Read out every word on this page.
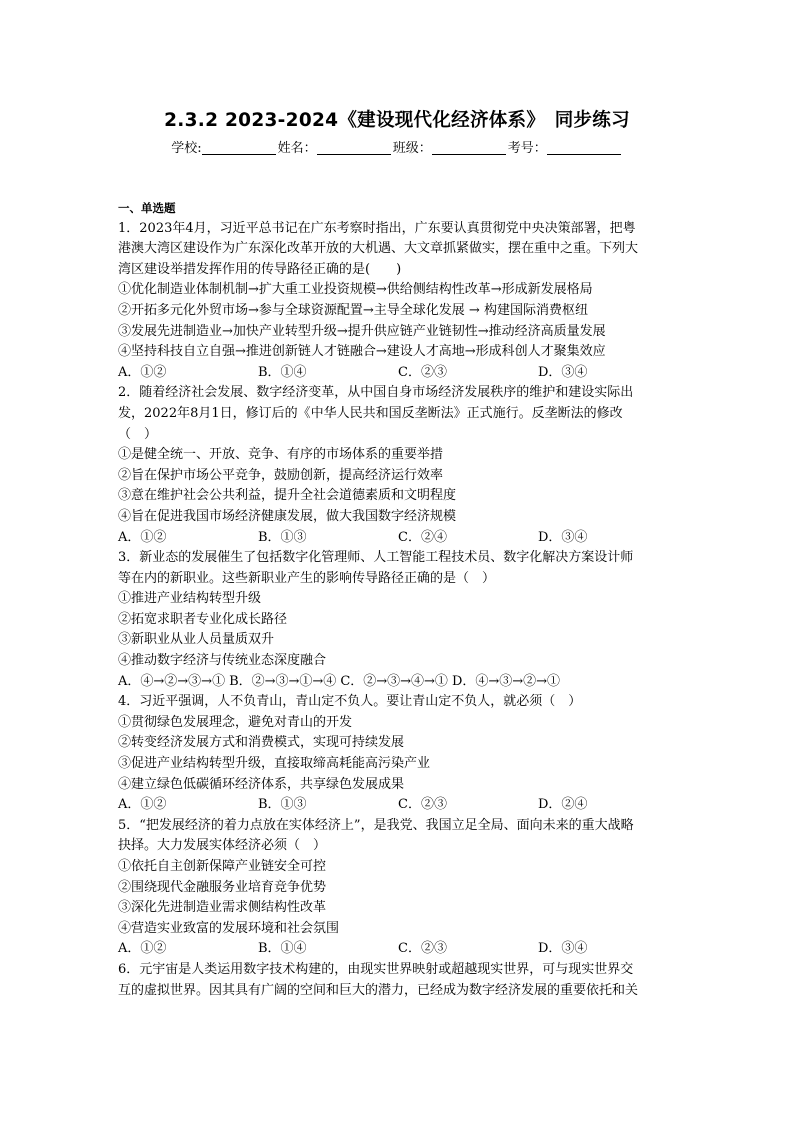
2.3.2 2023-2024《建设现代化经济体系》　同步练习
学校:	姓名：	班级：	考号：
一、单选题
1．2023年4月，习近平总书记在广东考察时指出，广东要认真贯彻党中央决策部署，把粤
港澳大湾区建设作为广东深化改革开放的大机遇、大文章抓紧做实，摆在重中之重。下列大
湾区建设举措发挥作用的传导路径正确的是(　　)
①优化制造业体制机制→扩大重工业投资规模→供给侧结构性改革→形成新发展格局
②开拓多元化外贸市场→参与全球资源配置→主导全球化发展 → 构建国际消费枢纽
③发展先进制造业→加快产业转型升级→提升供应链产业链韧性→推动经济高质量发展
④坚持科技自立自强→推进创新链人才链融合→建设人才高地→形成科创人才聚集效应
A．①②	B．①④	C．②③	D．③④
2．随着经济社会发展、数字经济变革，从中国自身市场经济发展秩序的维护和建设实际出
发，2022年8月1日，修订后的《中华人民共和国反垄断法》正式施行。反垄断法的修改
（　）
①是健全统一、开放、竞争、有序的市场体系的重要举措
②旨在保护市场公平竞争，鼓励创新，提高经济运行效率
③意在维护社会公共利益，提升全社会道德素质和文明程度
④旨在促进我国市场经济健康发展，做大我国数字经济规模
A．①②	B．①③	C．②④	D．③④
3．新业态的发展催生了包括数字化管理师、人工智能工程技术员、数字化解决方案设计师
等在内的新职业。这些新职业产生的影响传导路径正确的是（　）
①推进产业结构转型升级
②拓宽求职者专业化成长路径
③新职业从业人员量质双升
④推动数字经济与传统业态深度融合
A．④→②→③→① B．②→③→①→④ C．②→③→④→① D．④→③→②→①
4．习近平强调，人不负青山，青山定不负人。要让青山定不负人，就必须（　）
①贯彻绿色发展理念，避免对青山的开发
②转变经济发展方式和消费模式，实现可持续发展
③促进产业结构转型升级，直接取缔高耗能高污染产业
④建立绿色低碳循环经济体系，共享绿色发展成果
A．①②	B．①③	C．②③	D．②④
5．“把发展经济的着力点放在实体经济上”，是我党、我国立足全局、面向未来的重大战略
抉择。大力发展实体经济必须（　）
①依托自主创新保障产业链安全可控
②围绕现代金融服务业培育竞争优势
③深化先进制造业需求侧结构性改革
④营造实业致富的发展环境和社会氛围
A．①②	B．①④	C．②③	D．③④
6．元宇宙是人类运用数字技术构建的，由现实世界映射或超越现实世界，可与现实世界交
互的虚拟世界。因其具有广阔的空间和巨大的潜力，已经成为数字经济发展的重要依托和关
